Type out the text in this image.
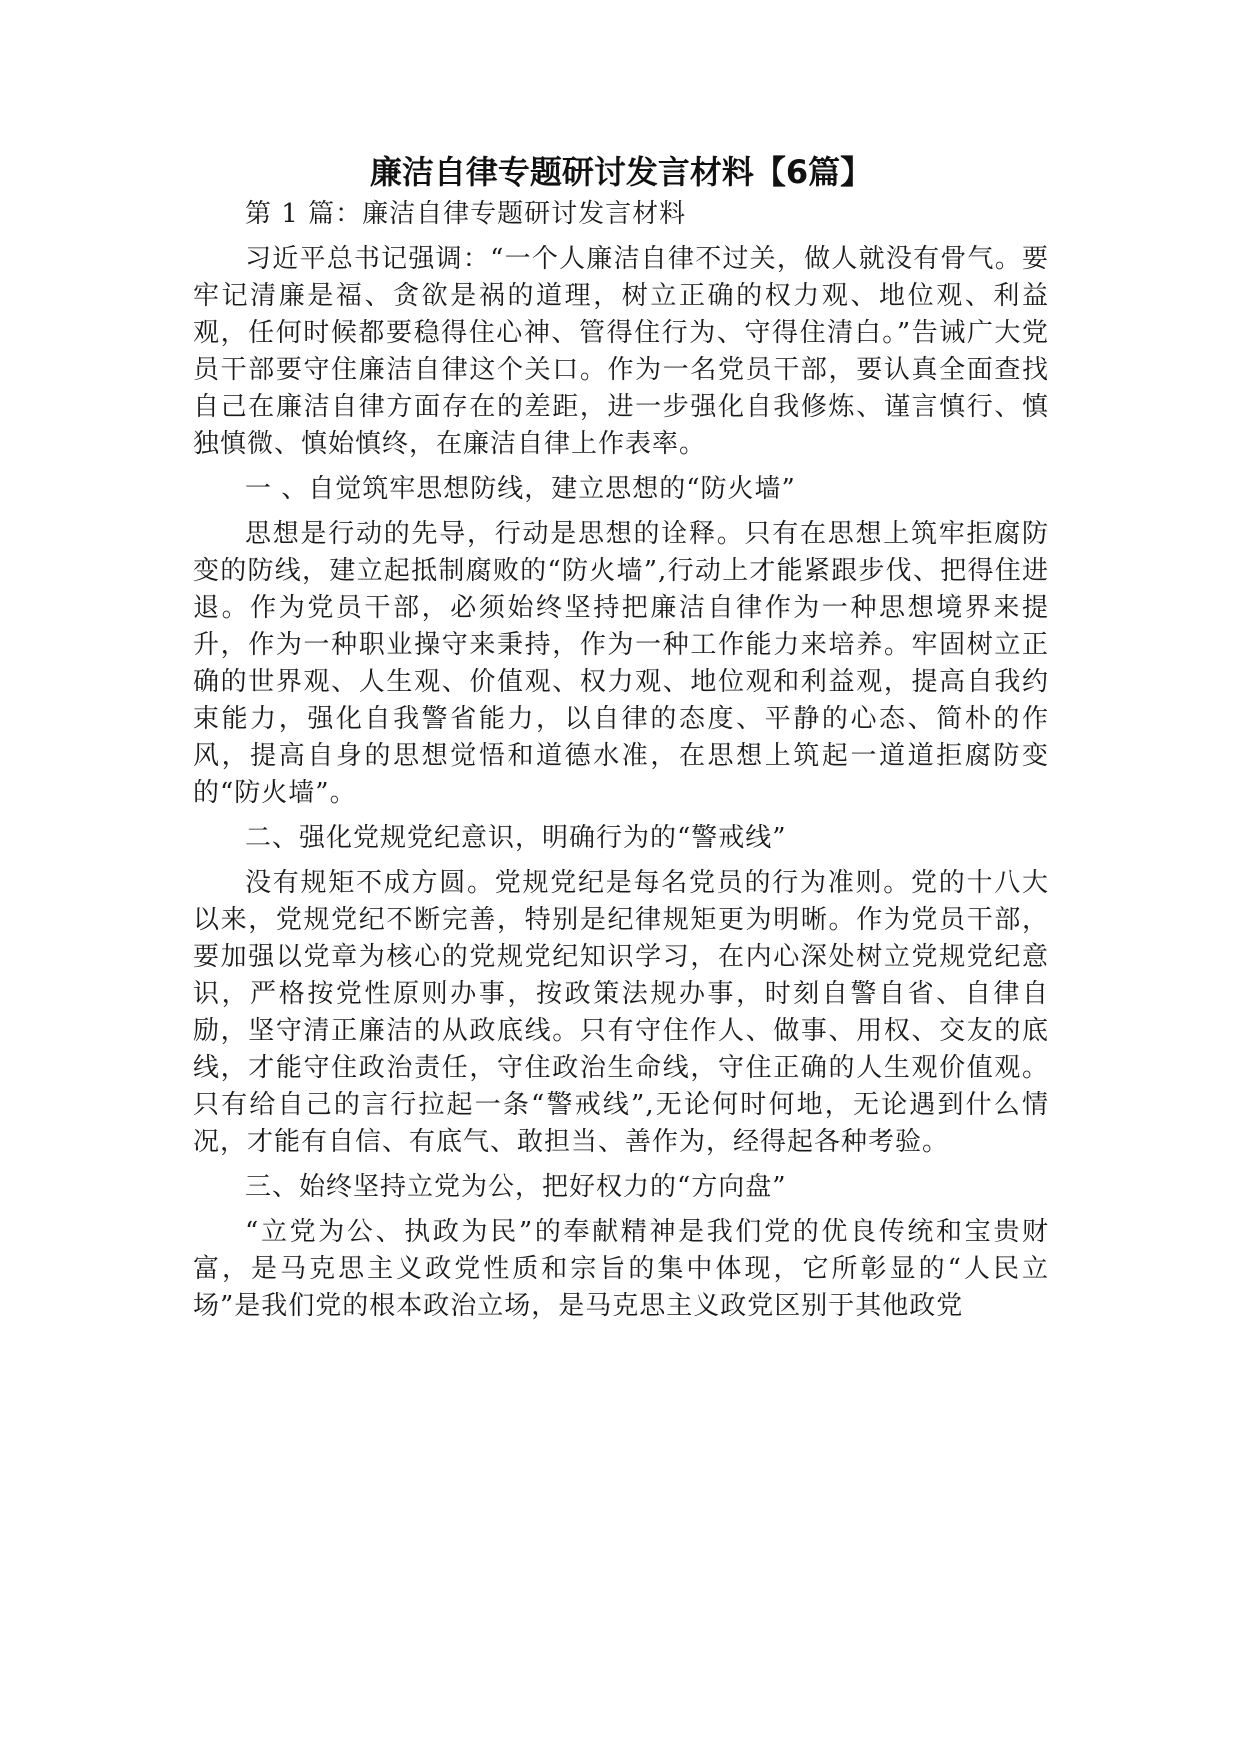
廉洁自律专题研讨发言材料【6篇】

第 1 篇：廉洁自律专题研讨发言材料

习近平总书记强调：“一个人廉洁自律不过关，做人就没有骨气。要牢记清廉是福、贪欲是祸的道理，树立正确的权力观、地位观、利益观，任何时候都要稳得住心神、管得住行为、守得住清白。”告诫广大党员干部要守住廉洁自律这个关口。作为一名党员干部，要认真全面查找自己在廉洁自律方面存在的差距，进一步强化自我修炼、谨言慎行、慎独慎微、慎始慎终，在廉洁自律上作表率。

一 、自觉筑牢思想防线，建立思想的“防火墙”

思想是行动的先导，行动是思想的诠释。只有在思想上筑牢拒腐防变的防线，建立起抵制腐败的“防火墙”,行动上才能紧跟步伐、把得住进退。作为党员干部，必须始终坚持把廉洁自律作为一种思想境界来提升，作为一种职业操守来秉持，作为一种工作能力来培养。牢固树立正确的世界观、人生观、价值观、权力观、地位观和利益观，提高自我约束能力，强化自我警省能力，以自律的态度、平静的心态、简朴的作风，提高自身的思想觉悟和道德水准，在思想上筑起一道道拒腐防变的“防火墙”。

二、强化党规党纪意识，明确行为的“警戒线”

没有规矩不成方圆。党规党纪是每名党员的行为准则。党的十八大以来，党规党纪不断完善，特别是纪律规矩更为明晰。作为党员干部，要加强以党章为核心的党规党纪知识学习，在内心深处树立党规党纪意识，严格按党性原则办事，按政策法规办事，时刻自警自省、自律自励，坚守清正廉洁的从政底线。只有守住作人、做事、用权、交友的底线，才能守住政治责任，守住政治生命线，守住正确的人生观价值观。只有给自己的言行拉起一条“警戒线”,无论何时何地，无论遇到什么情况，才能有自信、有底气、敢担当、善作为，经得起各种考验。

三、始终坚持立党为公，把好权力的“方向盘”

“立党为公、执政为民”的奉献精神是我们党的优良传统和宝贵财富，是马克思主义政党性质和宗旨的集中体现，它所彰显的“人民立场”是我们党的根本政治立场，是马克思主义政党区别于其他政党
